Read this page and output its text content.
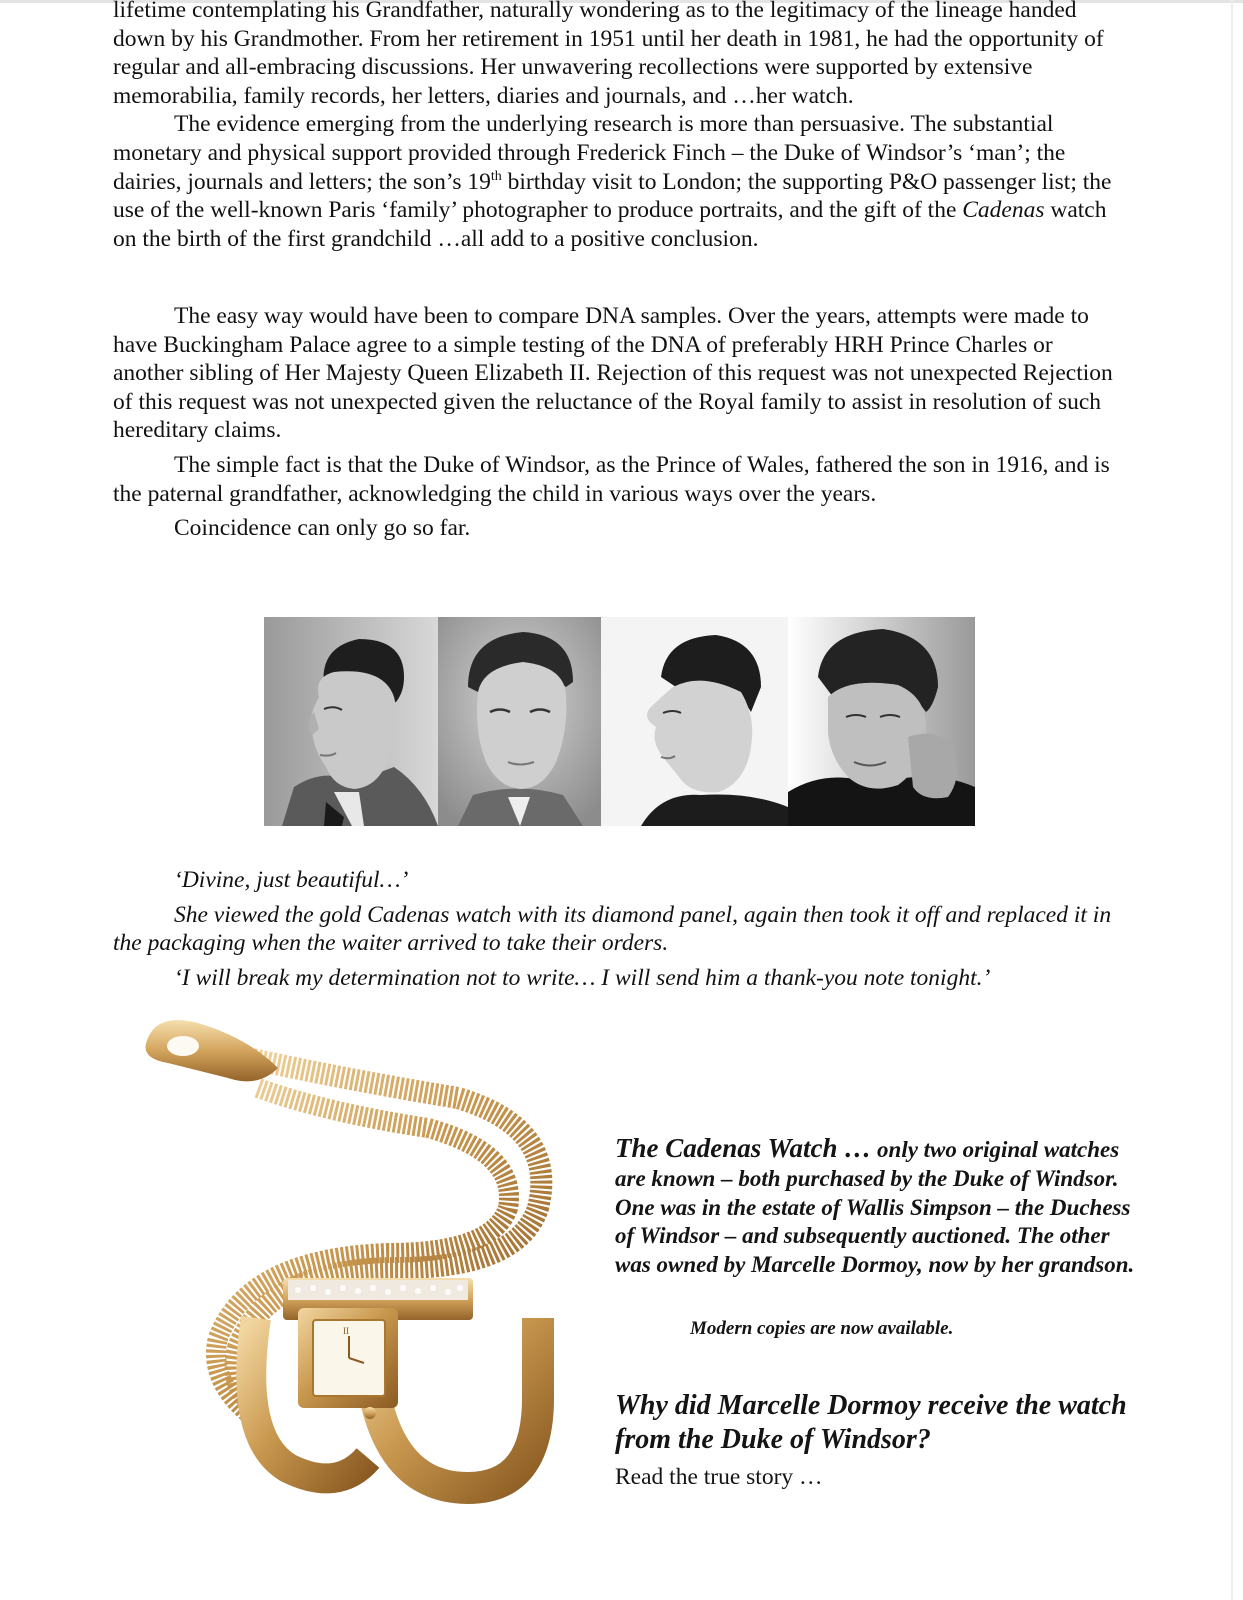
lifetime contemplating his Grandfather, naturally wondering as to the legitimacy of the lineage handed down by his Grandmother. From her retirement in 1951 until her death in 1981, he had the opportunity of regular and all-embracing discussions. Her unwavering recollections were supported by extensive memorabilia, family records, her letters, diaries and journals, and …her watch.

The evidence emerging from the underlying research is more than persuasive. The substantial monetary and physical support provided through Frederick Finch – the Duke of Windsor’s ‘man’; the dairies, journals and letters; the son’s 19th birthday visit to London; the supporting P&O passenger list; the use of the well-known Paris ‘family’ photographer to produce portraits, and the gift of the Cadenas watch on the birth of the first grandchild …all add to a positive conclusion.

The easy way would have been to compare DNA samples. Over the years, attempts were made to have Buckingham Palace agree to a simple testing of the DNA of preferably HRH Prince Charles or another sibling of Her Majesty Queen Elizabeth II. Rejection of this request was not unexpected Rejection of this request was not unexpected given the reluctance of the Royal family to assist in resolution of such hereditary claims.

The simple fact is that the Duke of Windsor, as the Prince of Wales, fathered the son in 1916, and is the paternal grandfather, acknowledging the child in various ways over the years.

Coincidence can only go so far.

‘Divine, just beautiful…’

She viewed the gold Cadenas watch with its diamond panel, again then took it off and replaced it in the packaging when the waiter arrived to take their orders.

‘I will break my determination not to write… I will send him a thank-you note tonight.’

II
The Cadenas Watch … only two original watches are known – both purchased by the Duke of Windsor. One was in the estate of Wallis Simpson – the Duchess of Windsor – and subsequently auctioned. The other was owned by Marcelle Dormoy, now by her grandson.
Modern copies are now available.
Why did Marcelle Dormoy receive the watch from the Duke of Windsor?
Read the true story …
